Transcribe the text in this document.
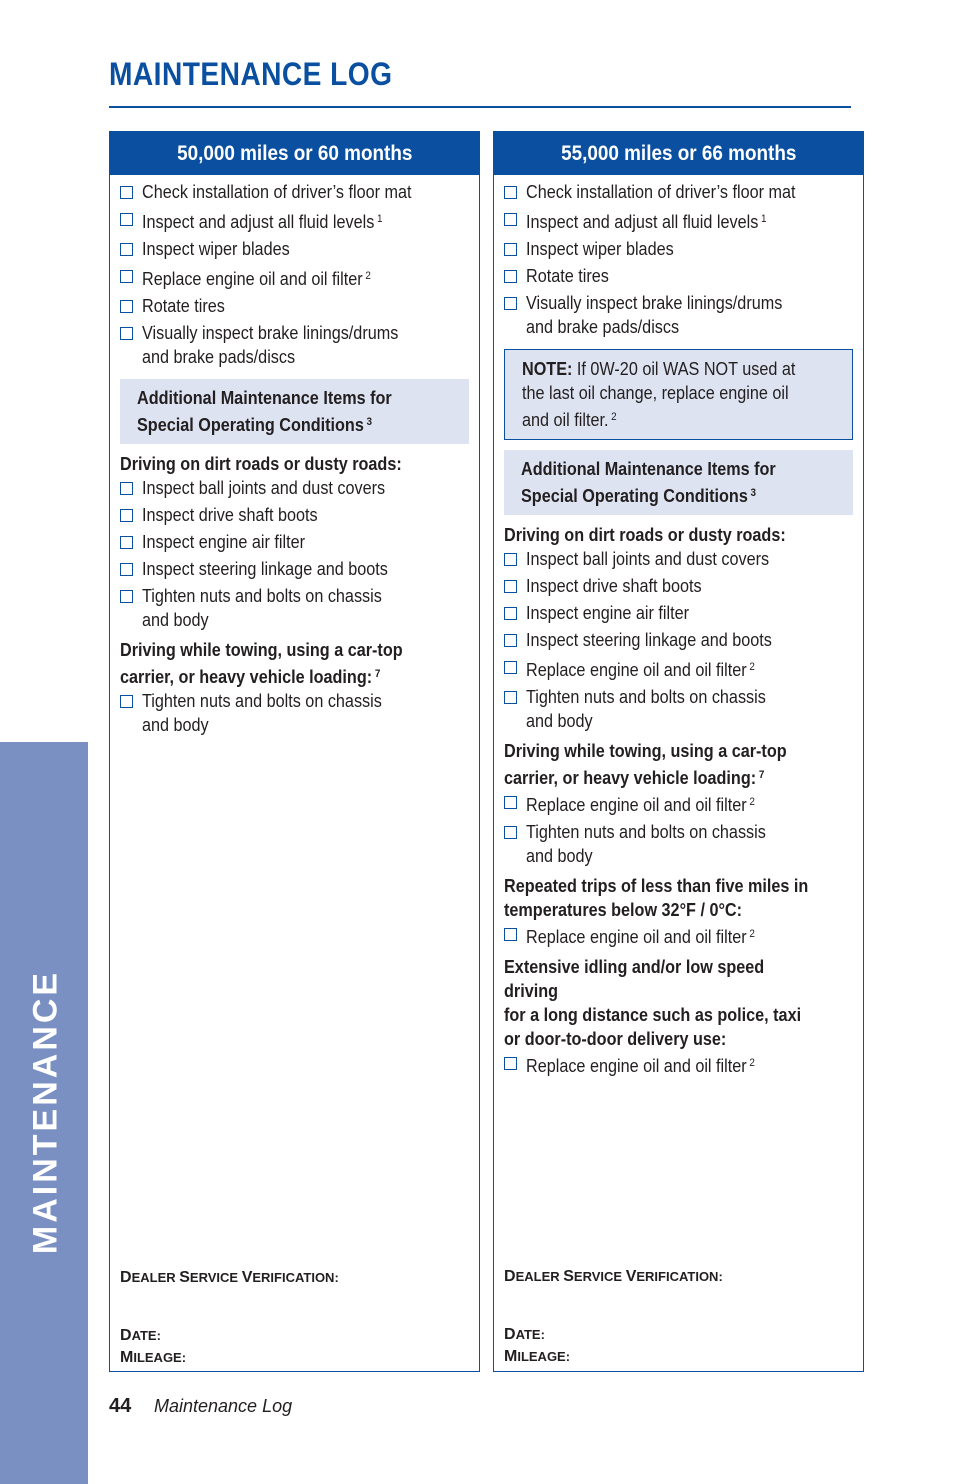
MAINTENANCE LOG
MAINTENANCE
50,000 miles or 60 months
Check installation of driver’s floor mat
Inspect and adjust all fluid levels $^1$
Inspect wiper blades
Replace engine oil and oil filter $^2$
Rotate tires
Visually inspect brake linings/drums
and brake pads/discs
Additional Maintenance Items for
Special Operating Conditions $^3$
Driving on dirt roads or dusty roads:
Inspect ball joints and dust covers
Inspect drive shaft boots
Inspect engine air filter
Inspect steering linkage and boots
Tighten nuts and bolts on chassis
and body
Driving while towing, using a car-top
carrier, or heavy vehicle loading: $^7$
Tighten nuts and bolts on chassis
and body
DEALER SERVICE VERIFICATION:
DATE:
MILEAGE:
55,000 miles or 66 months
Check installation of driver’s floor mat
Inspect and adjust all fluid levels $^1$
Inspect wiper blades
Rotate tires
Visually inspect brake linings/drums
and brake pads/discs
NOTE: If 0W-20 oil WAS NOT used at
the last oil change, replace engine oil
and oil filter. $^2$
Additional Maintenance Items for
Special Operating Conditions $^3$
Driving on dirt roads or dusty roads:
Inspect ball joints and dust covers
Inspect drive shaft boots
Inspect engine air filter
Inspect steering linkage and boots
Replace engine oil and oil filter $^2$
Tighten nuts and bolts on chassis
and body
Driving while towing, using a car-top
carrier, or heavy vehicle loading: $^7$
Replace engine oil and oil filter $^2$
Tighten nuts and bolts on chassis
and body
Repeated trips of less than five miles in
temperatures below 32°F / 0°C:
Replace engine oil and oil filter $^2$
Extensive idling and/or low speed driving
for a long distance such as police, taxi
or door-to-door delivery use:
Replace engine oil and oil filter $^2$
DEALER SERVICE VERIFICATION:
DATE:
MILEAGE:
44 Maintenance Log
